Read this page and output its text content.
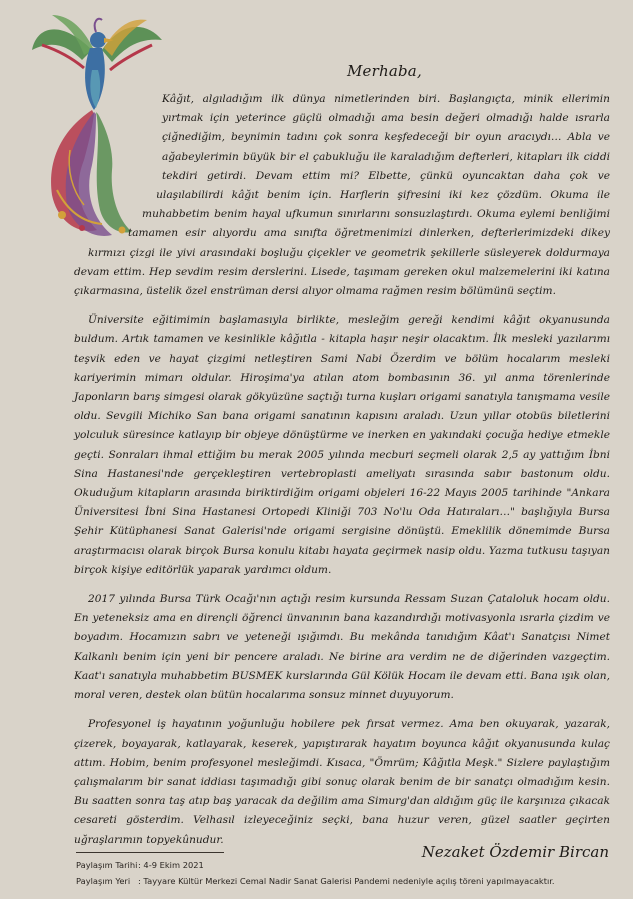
Merhaba,

Kâğıt, algıladığım ilk dünya nimetlerinden biri. Başlangıçta, minik ellerimin yırtmak için yeterince güçlü olmadığı ama besin değeri olmadığı halde ısrarla çiğnediğim, beynimin tadını çok sonra keşfedeceği bir oyun aracıydı… Abla ve ağabeylerimin büyük bir el çabukluğu ile karaladığım defterleri, kitapları ilk ciddi tekdiri getirdi. Devam ettim mi? Elbette, çünkü oyuncaktan daha çok ve ulaşılabilirdi kâğıt benim için. Harflerin şifresini iki kez çözdüm. Okuma ile muhabbetim benim hayal ufkumun sınırlarını sonsuzlaştırdı. Okuma eylemi benliğimi tamamen esir alıyordu ama sınıfta öğretmenimizi dinlerken, defterlerimizdeki dikey kırmızı çizgi ile yivi arasındaki boşluğu çiçekler ve geometrik şekillerle süsleyerek doldurmaya devam ettim. Hep sevdim resim derslerini. Lisede, taşımam gereken okul malzemelerini iki katına çıkarmasına, üstelik özel enstrüman dersi alıyor olmama rağmen resim bölümünü seçtim.

Üniversite eğitimimin başlamasıyla birlikte, mesleğim gereği kendimi kâğıt okyanusunda buldum. Artık tamamen ve kesinlikle kâğıtla - kitapla haşır neşir olacaktım. İlk mesleki yazılarımı teşvik eden ve hayat çizgimi netleştiren Sami Nabi Özerdim ve bölüm hocalarım mesleki kariyerimin mimarı oldular. Hiroşima'ya atılan atom bombasının 36. yıl anma törenlerinde Japonların barış simgesi olarak gökyüzüne saçtığı turna kuşları origami sanatıyla tanışmama vesile oldu. Sevgili Michiko San bana origami sanatının kapısını araladı. Uzun yıllar otobüs biletlerini yolculuk süresince katlayıp bir objeye dönüştürme ve inerken en yakındaki çocuğa hediye etmekle geçti. Sonraları ihmal ettiğim bu merak 2005 yılında mecburi seçmeli olarak 2,5 ay yattığım İbni Sina Hastanesi'nde gerçekleştiren vertebroplasti ameliyatı sırasında sabır bastonum oldu. Okuduğum kitapların arasında biriktirdiğim origami objeleri 16-22 Mayıs 2005 tarihinde "Ankara Üniversitesi İbni Sina Hastanesi Ortopedi Kliniği 703 No'lu Oda Hatıraları…" başlığıyla Bursa Şehir Kütüphanesi Sanat Galerisi'nde origami sergisine dönüştü. Emeklilik dönemimde Bursa araştırmacısı olarak birçok Bursa konulu kitabı hayata geçirmek nasip oldu. Yazma tutkusu taşıyan birçok kişiye editörlük yaparak yardımcı oldum.

2017 yılında Bursa Türk Ocağı'nın açtığı resim kursunda Ressam Suzan Çataloluk hocam oldu. En yeteneksiz ama en dirençli öğrenci ünvanının bana kazandırdığı motivasyonla ısrarla çizdim ve boyadım. Hocamızın sabrı ve yeteneği ışığımdı. Bu mekânda tanıdığım Kâat'ı Sanatçısı Nimet Kalkanlı benim için yeni bir pencere araladı. Ne birine ara verdim ne de diğerinden vazgeçtim. Kaat'ı sanatıyla muhabbetim BUSMEK kurslarında Gül Kölük Hocam ile devam etti. Bana ışık olan, moral veren, destek olan bütün hocalarıma sonsuz minnet duyuyorum.

Profesyonel iş hayatının yoğunluğu hobilere pek fırsat vermez. Ama ben okuyarak, yazarak, çizerek, boyayarak, katlayarak, keserek, yapıştırarak hayatım boyunca kâğıt okyanusunda kulaç attım. Hobim, benim profesyonel mesleğimdi. Kısaca, "Ömrüm; Kâğıtla Meşk." Sizlere paylaştığım çalışmalarım bir sanat iddiası taşımadığı gibi sonuç olarak benim de bir sanatçı olmadığım kesin. Bu saatten sonra taş atıp baş yaracak da değilim ama Simurg'dan aldığım güç ile karşınıza çıkacak cesareti gösterdim. Velhasıl izleyeceğiniz seçki, bana huzur veren, güzel saatler geçirten uğraşlarımın topyekûnudur.

Nezaket Özdemir Bircan
Paylaşım Tarihi: 4-9 Ekim 2021
Paylaşım Yeri : Tayyare Kültür Merkezi Cemal Nadir Sanat Galerisi Pandemi nedeniyle açılış töreni yapılmayacaktır.
